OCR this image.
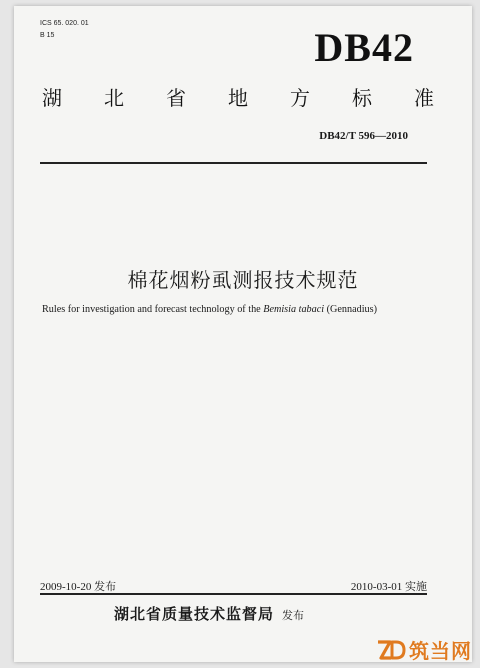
ICS 65. 020. 01
B 15	DB42
湖 北 省 地 方 标 准
DB42/T 596—2010
棉花烟粉虱测报技术规范
Rules for investigation and forecast technology of the Bemisia tabaci (Gennadius)
2009-10-20 发布	2010-03-01 实施
湖北省质量技术监督局 发布
筑当网
